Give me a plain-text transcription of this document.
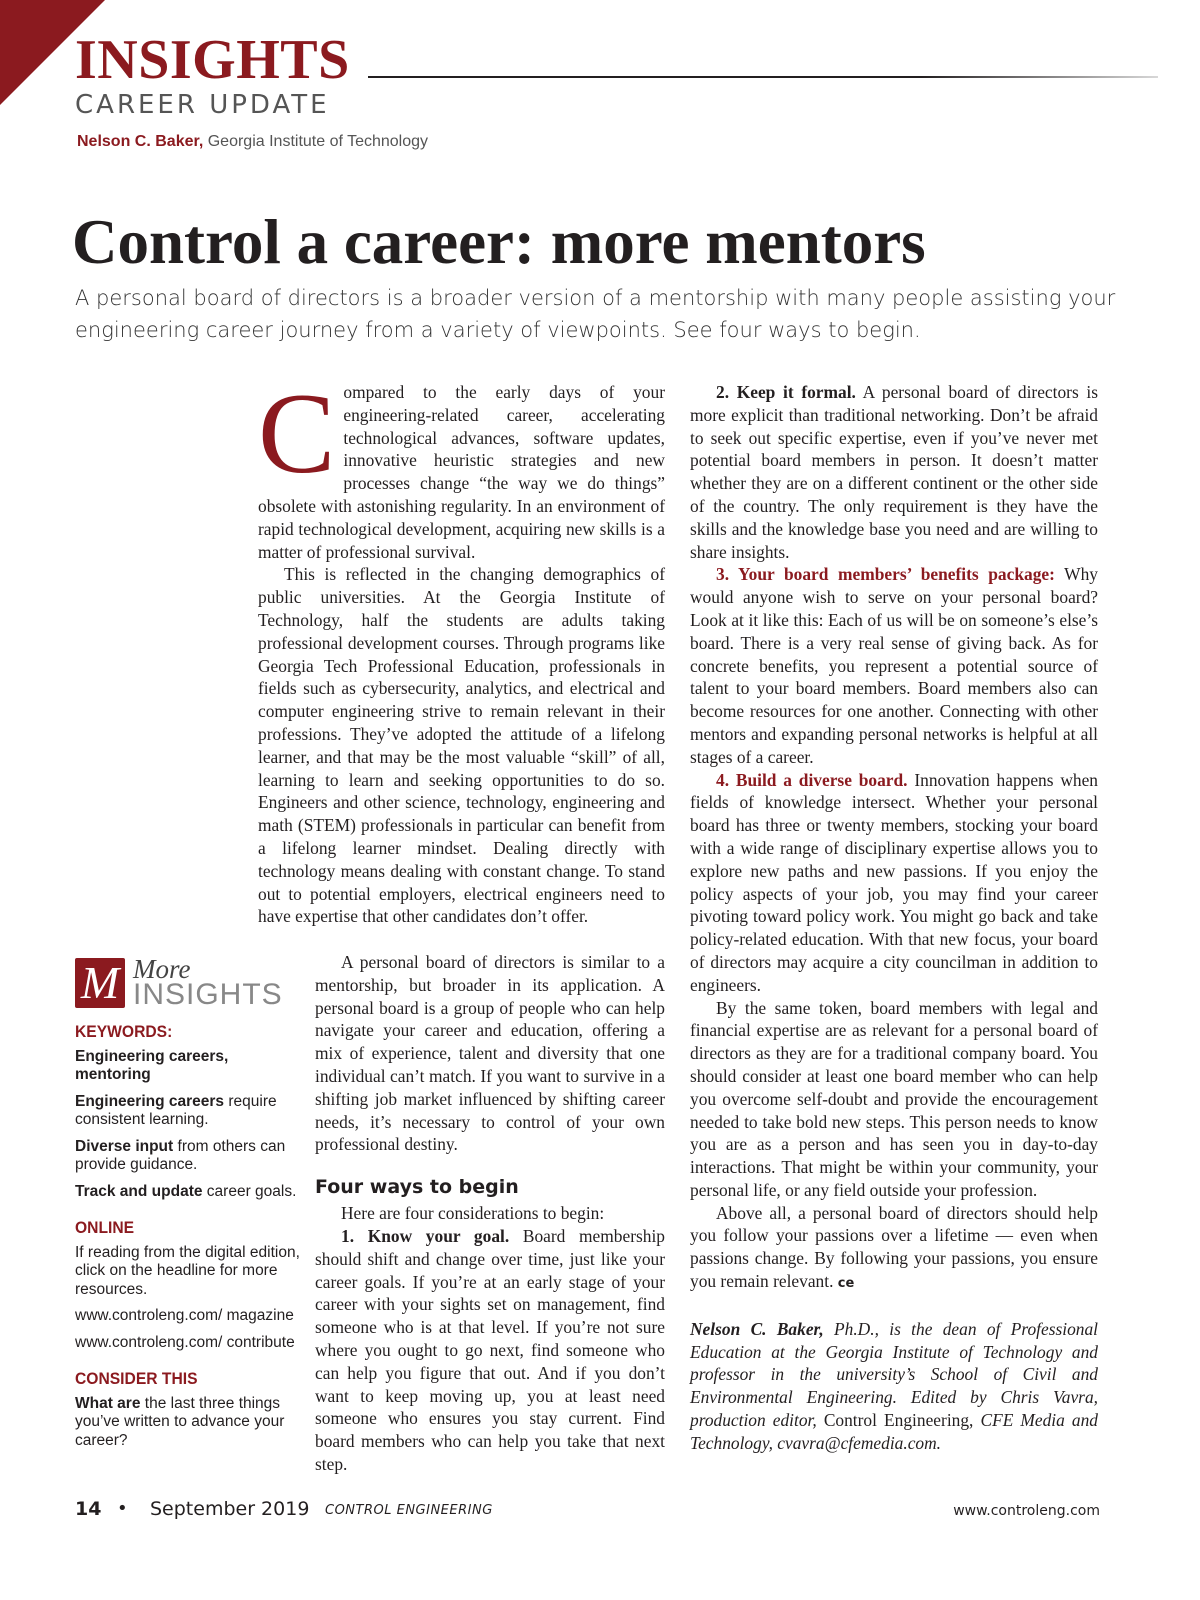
INSIGHTS
CAREER UPDATE
Nelson C. Baker, Georgia Institute of Technology
Control a career: more mentors
A personal board of directors is a broader version of a mentorship with many people assisting your engineering career journey from a variety of viewpoints. See four ways to begin.

Compared to the early days of your engineering-related career, accelerating technological advances, software updates, innovative heuristic strategies and new processes change “the way we do things” obsolete with astonishing regularity. In an environment of rapid technological development, acquiring new skills is a matter of professional survival.

This is reflected in the changing demographics of public universities. At the Georgia Institute of Technology, half the students are adults taking professional development courses. Through programs like Georgia Tech Professional Education, professionals in fields such as cybersecurity, analytics, and electrical and computer engineering strive to remain relevant in their professions. They’ve adopted the attitude of a lifelong learner, and that may be the most valuable “skill” of all, learning to learn and seeking opportunities to do so. Engineers and other science, technology, engineering and math (STEM) professionals in particular can benefit from a lifelong learner mindset. Dealing directly with technology means dealing with constant change. To stand out to potential employers, electrical engineers need to have expertise that other candidates don’t offer.

A personal board of directors is similar to a mentorship, but broader in its application. A personal board is a group of people who can help navigate your career and education, offering a mix of experience, talent and diversity that one individual can’t match. If you want to survive in a shifting job market influenced by shifting career needs, it’s necessary to control of your own professional destiny.

Four ways to begin

Here are four considerations to begin:

1. Know your goal. Board membership should shift and change over time, just like your career goals. If you’re at an early stage of your career with your sights set on management, find someone who is at that level. If you’re not sure where you ought to go next, find someone who can help you figure that out. And if you don’t want to keep moving up, you at least need someone who ensures you stay current. Find board members who can help you take that next step.

2. Keep it formal. A personal board of directors is more explicit than traditional networking. Don’t be afraid to seek out specific expertise, even if you’ve never met potential board members in person. It doesn’t matter whether they are on a different continent or the other side of the country. The only requirement is they have the skills and the knowledge base you need and are willing to share insights.

3. Your board members’ benefits package: Why would anyone wish to serve on your personal board? Look at it like this: Each of us will be on someone’s else’s board. There is a very real sense of giving back. As for concrete benefits, you represent a potential source of talent to your board members. Board members also can become resources for one another. Connecting with other mentors and expanding personal networks is helpful at all stages of a career.

4. Build a diverse board. Innovation happens when fields of knowledge intersect. Whether your personal board has three or twenty members, stocking your board with a wide range of disciplinary expertise allows you to explore new paths and new passions. If you enjoy the policy aspects of your job, you may find your career pivoting toward policy work. You might go back and take policy-related education. With that new focus, your board of directors may acquire a city councilman in addition to engineers.

By the same token, board members with legal and financial expertise are as relevant for a personal board of directors as they are for a traditional company board. You should consider at least one board member who can help you overcome self-doubt and provide the encouragement needed to take bold new steps. This person needs to know you are as a person and has seen you in day-to-day interactions. That might be within your community, your personal life, or any field outside your profession.

Above all, a personal board of directors should help you follow your passions over a lifetime — even when passions change. By following your passions, you ensure you remain relevant. ce

Nelson C. Baker, Ph.D., is the dean of Professional Education at the Georgia Institute of Technology and professor in the university’s School of Civil and Environmental Engineering. Edited by Chris Vavra, production editor, Control Engineering, CFE Media and Technology, cvavra@cfemedia.com.

M More
INSIGHTS
KEYWORDS:
Engineering careers, mentoring
Engineering careers require consistent learning.
Diverse input from others can provide guidance.
Track and update career goals.
ONLINE
If reading from the digital edition, click on the headline for more resources.
www.controleng.com/ magazine
www.controleng.com/ contribute
CONSIDER THIS
What are the last three things you’ve written to advance your career?
14 • September 2019 CONTROL ENGINEERING	www.controleng.com
